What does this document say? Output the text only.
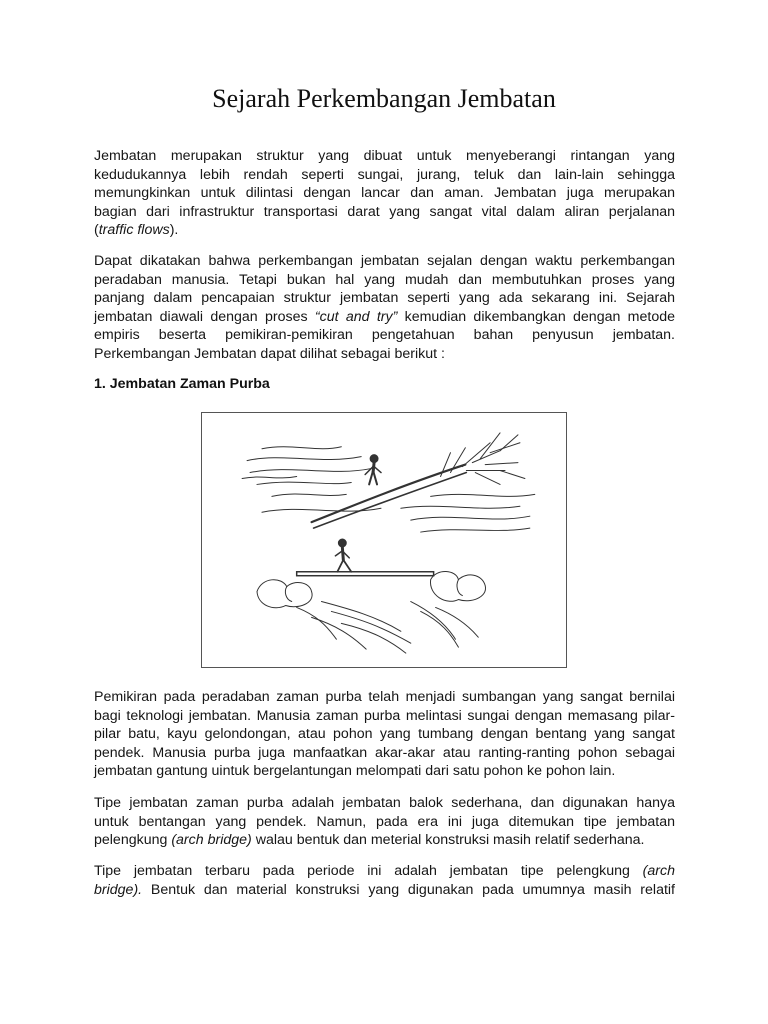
Sejarah Perkembangan Jembatan
Jembatan merupakan struktur yang dibuat untuk menyeberangi rintangan yang
kedudukannya lebih rendah seperti sungai, jurang, teluk dan lain-lain sehingga
memungkinkan untuk dilintasi dengan lancar dan aman. Jembatan juga merupakan
bagian dari infrastruktur transportasi darat yang sangat vital dalam aliran perjalanan
(traffic flows).
Dapat dikatakan bahwa perkembangan jembatan sejalan dengan waktu perkembangan
peradaban manusia. Tetapi bukan hal yang mudah dan membutuhkan proses yang
panjang dalam pencapaian struktur jembatan seperti yang ada sekarang ini. Sejarah
jembatan diawali dengan proses “cut and try” kemudian dikembangkan dengan metode
empiris beserta pemikiran-pemikiran pengetahuan bahan penyusun jembatan.
Perkembangan Jembatan dapat dilihat sebagai berikut :
1. Jembatan Zaman Purba
Pemikiran pada peradaban zaman purba telah menjadi sumbangan yang sangat bernilai
bagi teknologi jembatan. Manusia zaman purba melintasi sungai dengan memasang pilar-
pilar batu, kayu gelondongan, atau pohon yang tumbang dengan bentang yang sangat
pendek. Manusia purba juga manfaatkan akar-akar atau ranting-ranting pohon sebagai
jembatan gantung uintuk bergelantungan melompati dari satu pohon ke pohon lain.
Tipe jembatan zaman purba adalah jembatan balok sederhana, dan digunakan hanya
untuk bentangan yang pendek. Namun, pada era ini juga ditemukan tipe jembatan
pelengkung (arch bridge) walau bentuk dan meterial konstruksi masih relatif sederhana.
Tipe jembatan terbaru pada periode ini adalah jembatan tipe pelengkung (arch
bridge). Bentuk dan material konstruksi yang digunakan pada umumnya masih relatif
